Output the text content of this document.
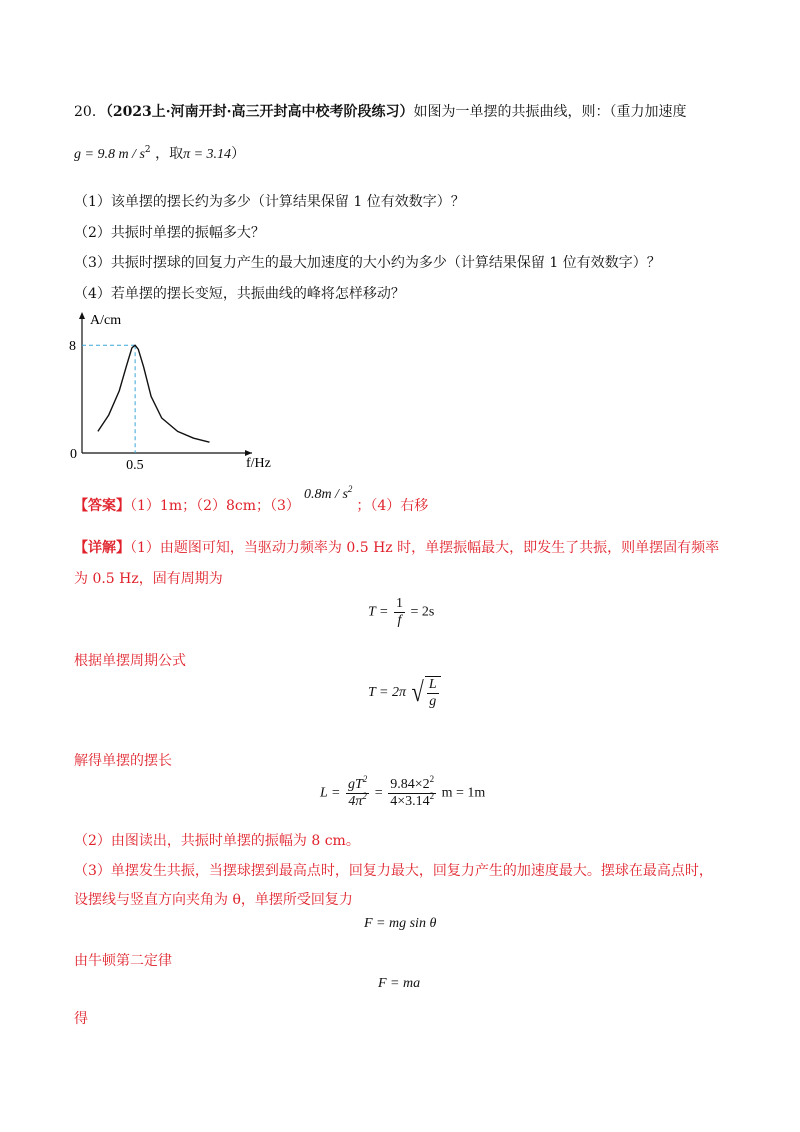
20．（2023上·河南开封·高三开封高中校考阶段练习）如图为一单摆的共振曲线，则：（重力加速度
g = 9.8 m / $s^2$ ，取π = 3.14）
（1）该单摆的摆长约为多少（计算结果保留 1 位有效数字）？
（2）共振时单摆的振幅多大？
（3）共振时摆球的回复力产生的最大加速度的大小约为多少（计算结果保留 1 位有效数字）？
（4）若单摆的摆长变短，共振曲线的峰将怎样移动？
A/cm
f/Hz
0
8
0.5
【答案】（1）1m；（2）8cm；$(3)0.8m / s^2$；（4）右移
【详解】（1）由题图可知，当驱动力频率为 0.5 Hz 时，单摆振幅最大，即发生了共振，则单摆固有频率
为 0.5 Hz，固有周期为
$T = \frac{1}{f} = 2s$
根据单摆周期公式
T = 2π √ $\frac{L}{g}$
解得单摆的摆长
$L = \frac{gT^2}{4\pi^2} = \frac{9.84\times 2^2}{4\times 3.14^2}$ m = 1m
（2）由图读出，共振时单摆的振幅为 8 cm。
（3）单摆发生共振，当摆球摆到最高点时，回复力最大，回复力产生的加速度最大。摆球在最高点时，
设摆线与竖直方向夹角为 θ，单摆所受回复力
F = mg sin θ
由牛顿第二定律
F = ma
得
